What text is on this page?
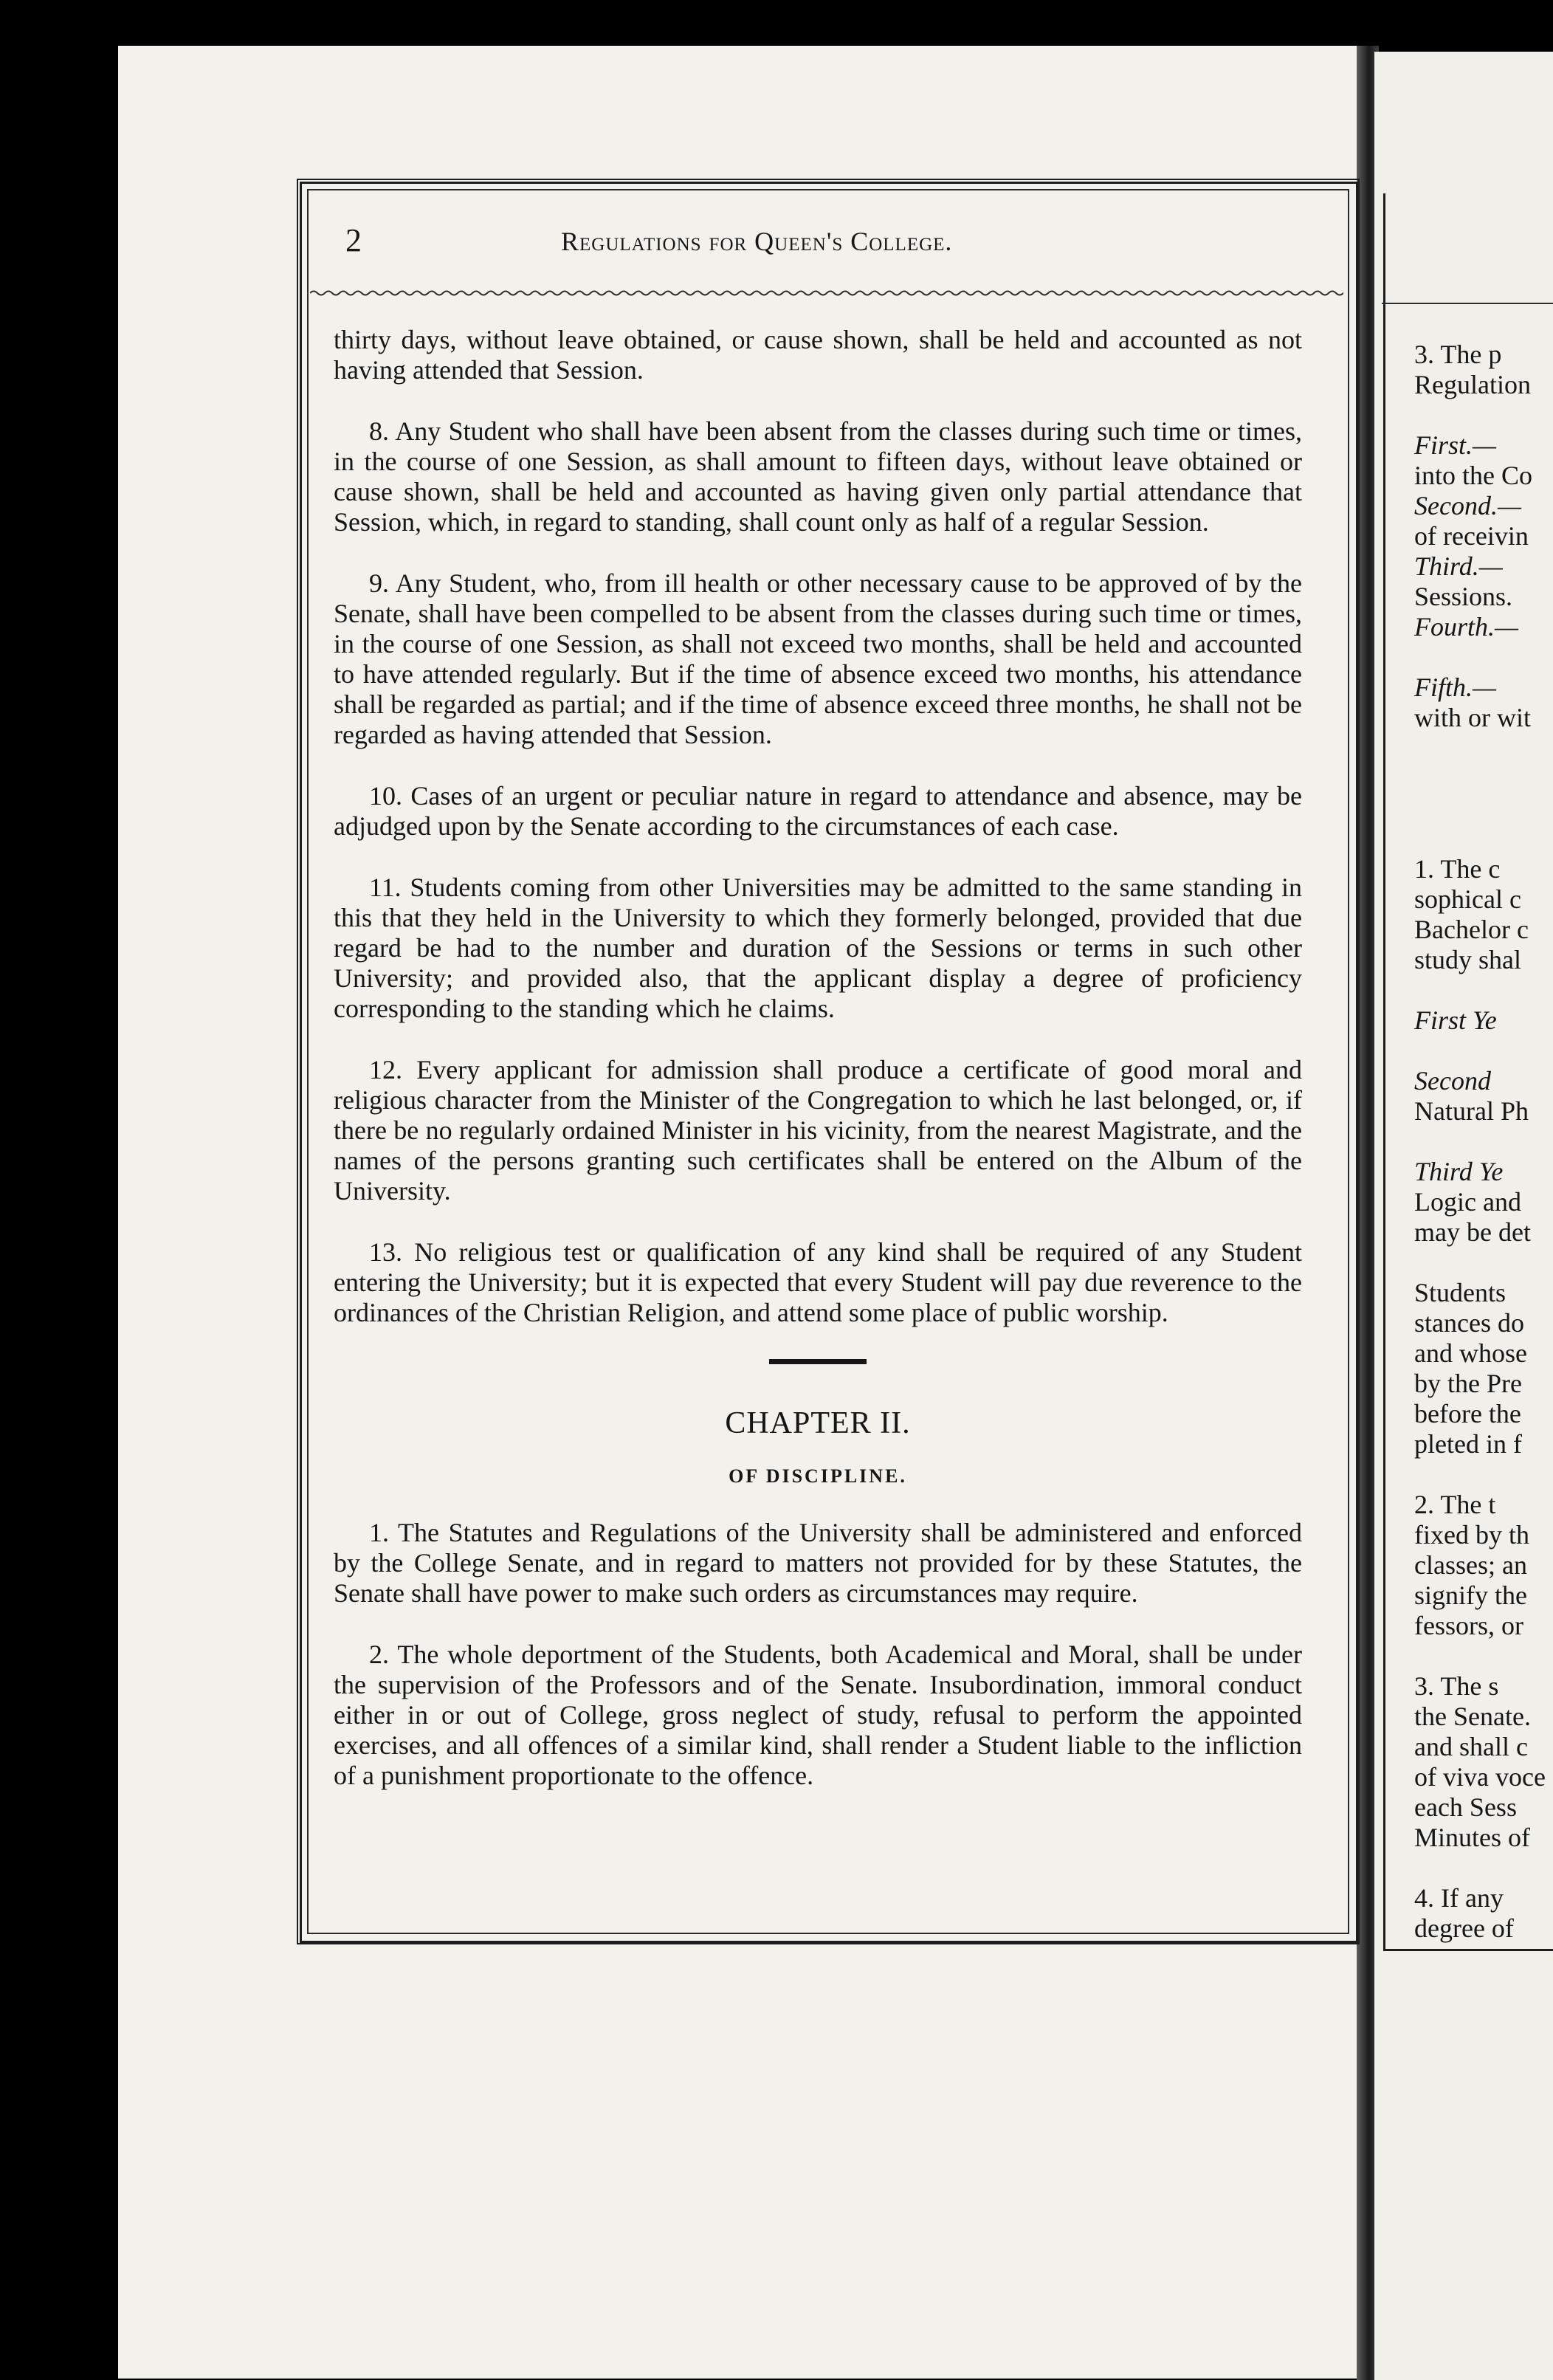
2	Regulations for Queen's College.

thirty days, without leave obtained, or cause shown, shall be held and accounted as not having attended that Session.

8. Any Student who shall have been absent from the classes during such time or times, in the course of one Session, as shall amount to fifteen days, without leave obtained or cause shown, shall be held and accounted as having given only partial attendance that Session, which, in regard to standing, shall count only as half of a regular Session.

9. Any Student, who, from ill health or other necessary cause to be approved of by the Senate, shall have been compelled to be absent from the classes during such time or times, in the course of one Session, as shall not exceed two months, shall be held and accounted to have attended regularly. But if the time of absence exceed two months, his attendance shall be regarded as partial; and if the time of absence exceed three months, he shall not be regarded as having attended that Session.

10. Cases of an urgent or peculiar nature in regard to attendance and absence, may be adjudged upon by the Senate according to the circumstances of each case.

11. Students coming from other Universities may be admitted to the same standing in this that they held in the University to which they formerly belonged, provided that due regard be had to the number and duration of the Sessions or terms in such other University; and provided also, that the applicant display a degree of proficiency corresponding to the standing which he claims.

12. Every applicant for admission shall produce a certificate of good moral and religious character from the Minister of the Congregation to which he last belonged, or, if there be no regularly ordained Minister in his vicinity, from the nearest Magistrate, and the names of the persons granting such certificates shall be entered on the Album of the University.

13. No religious test or qualification of any kind shall be required of any Student entering the University; but it is expected that every Student will pay due reverence to the ordinances of the Christian Religion, and attend some place of public worship.

CHAPTER II.
OF DISCIPLINE.

1. The Statutes and Regulations of the University shall be administered and enforced by the College Senate, and in regard to matters not provided for by these Statutes, the Senate shall have power to make such orders as circumstances may require.

2. The whole deportment of the Students, both Academical and Moral, shall be under the supervision of the Professors and of the Senate. Insubordination, immoral conduct either in or out of College, gross neglect of study, refusal to perform the appointed exercises, and all offences of a similar kind, shall render a Student liable to the infliction of a punishment proportionate to the offence.

3. The p
Regulation
First.—
into the Co
Second.—
of receivin
Third.—
Sessions.
Fourth.—
Fifth.—
with or wit
1. The c
sophical c
Bachelor c
study shal
First Ye
Second
Natural Ph
Third Ye
Logic and
may be det
Students
stances do
and whose
by the Pre
before the
pleted in f
2. The t
fixed by th
classes; an
signify the
fessors, or
3. The s
the Senate.
and shall c
of viva voce
each Sess
Minutes of
4. If any
degree of
